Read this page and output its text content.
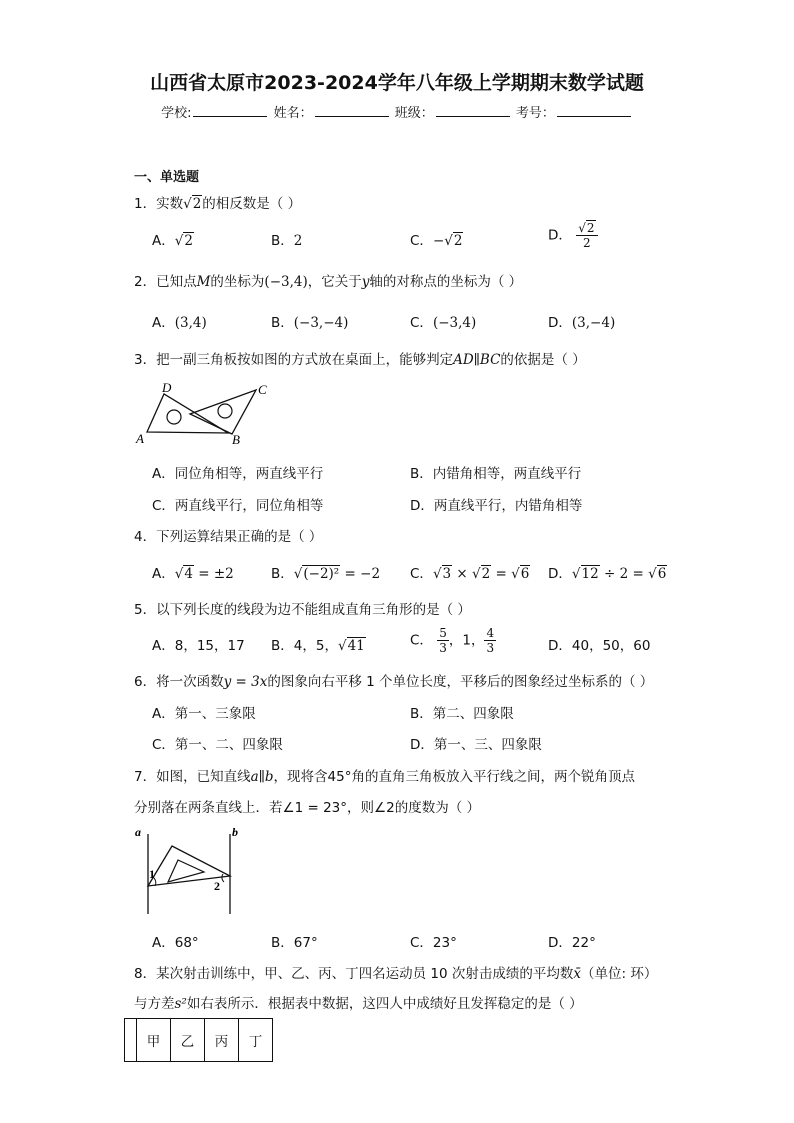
山西省太原市2023-2024学年八年级上学期期末数学试题
学校:	姓名：	班级：	考号：
一、单选题
1．实数√2的相反数是（ ）
A．√2	B．2	C．−√2	D． $\frac{√2}{2}$
2．已知点M的坐标为(−3,4)，它关于y轴的对称点的坐标为（ ）
A．(3,4)	B．(−3,−4)	C．(−3,4)	D．(3,−4)
3．把一副三角板按如图的方式放在桌面上，能够判定AD∥BC的依据是（ ）
A	B
C
D
A．同位角相等，两直线平行	B．内错角相等，两直线平行
C．两直线平行，同位角相等	D．两直线平行，内错角相等
4．下列运算结果正确的是（ ）
A．√4 = ±2	B．√(−2)² = −2 C．√3 × √2 = √6 D．√12 ÷ 2 = √6
5．以下列长度的线段为边不能组成直角三角形的是（ ）
A．8，15，17 B．4，5，√41	C． $\frac{5}{3}$ ，1， $\frac{4}{3}$	D．40，50，60
6．将一次函数y = 3x的图象向右平移 1 个单位长度，平移后的图象经过坐标系的（ ）
A．第一、三象限	B．第二、四象限
C．第一、二、四象限	D．第一、三、四象限
7．如图，已知直线a∥b，现将含45°角的直角三角板放入平行线之间，两个锐角顶点
分别落在两条直线上．若∠1 = 23°，则∠2的度数为（ ）
a	b
1
2
A．68°	B．67°	C．23°	D．22°
8．某次射击训练中，甲、乙、丙、丁四名运动员 10 次射击成绩的平均数x̄（单位: 环）
与方差s²如右表所示．根据表中数据，这四人中成绩好且发挥稳定的是（ ）
	甲	乙	丙	丁
